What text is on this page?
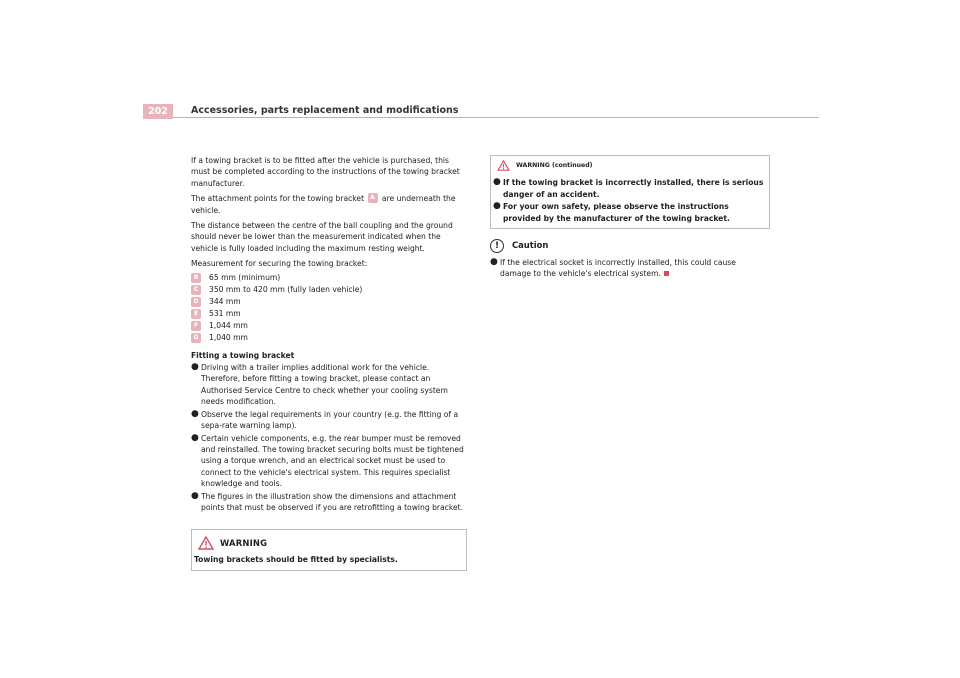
202	Accessories, parts replacement and modifications

If a towing bracket is to be fitted after the vehicle is purchased, this must be completed according to the instructions of the towing bracket manufacturer.

The attachment points for the towing bracket A are underneath the vehicle.

The distance between the centre of the ball coupling and the ground should never be lower than the measurement indicated when the vehicle is fully loaded including the maximum resting weight.

Measurement for securing the towing bracket:

B	65 mm (minimum)
C	350 mm to 420 mm (fully laden vehicle)
D	344 mm
E	531 mm
F	1,044 mm
G	1,040 mm
Fitting a towing bracket
● Driving with a trailer implies additional work for the vehicle. Therefore, before fitting a towing bracket, please contact an Authorised Service Centre to check whether your cooling system needs modification.
● Observe the legal requirements in your country (e.g. the fitting of a sepa-rate warning lamp).
● Certain vehicle components, e.g. the rear bumper must be removed and reinstalled. The towing bracket securing bolts must be tightened using a torque wrench, and an electrical socket must be used to connect to the vehicle's electrical system. This requires specialist knowledge and tools.
● The figures in the illustration show the dimensions and attachment points that must be observed if you are retrofitting a towing bracket.
WARNING
Towing brackets should be fitted by specialists.
WARNING (continued)
● If the towing bracket is incorrectly installed, there is serious danger of an accident.
● For your own safety, please observe the instructions provided by the manufacturer of the towing bracket.
!	Caution
● If the electrical socket is incorrectly installed, this could cause damage to the vehicle's electrical system.
